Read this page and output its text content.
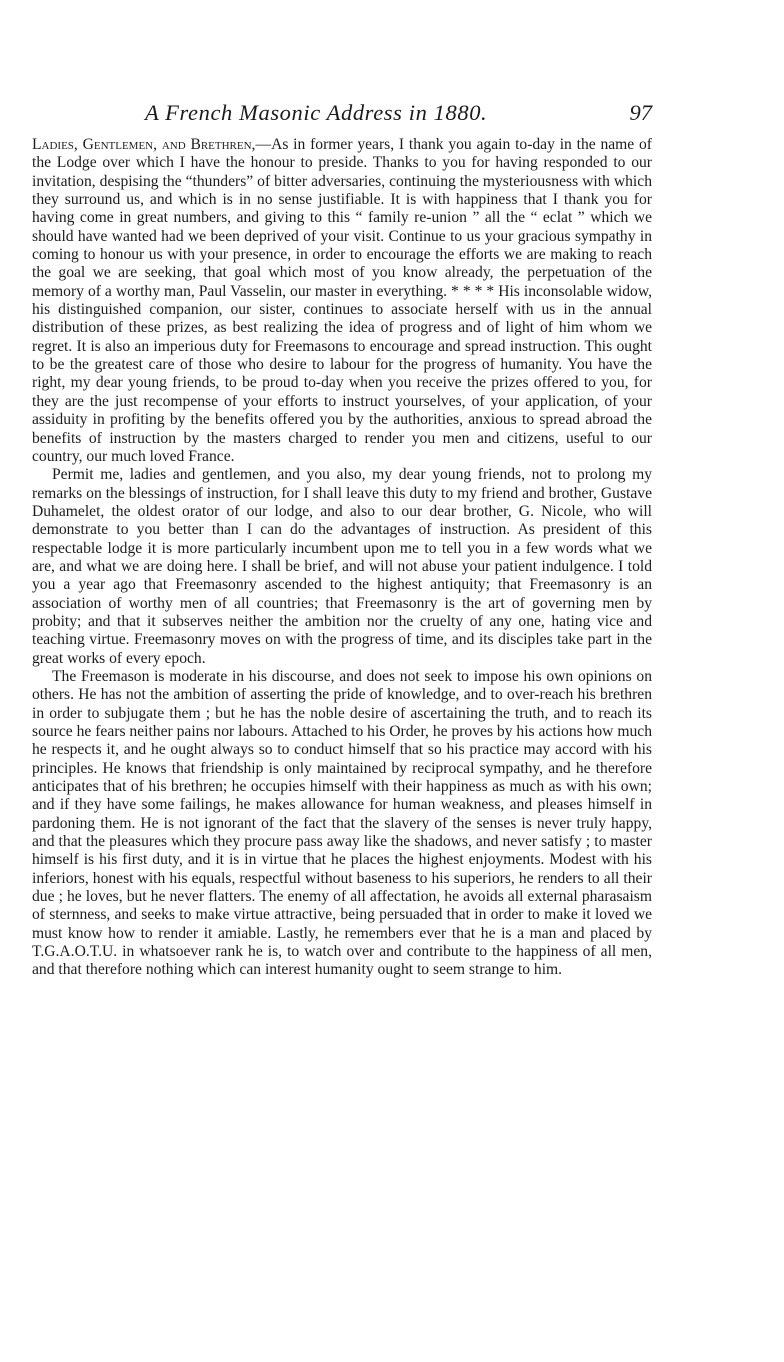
A French Masonic Address in 1880.	97

Ladies, Gentlemen, and Brethren,—As in former years, I thank you again to-day in the name of the Lodge over which I have the honour to preside. Thanks to you for having responded to our invitation, despising the “thunders” of bitter adversaries, continuing the mysteriousness with which they surround us, and which is in no sense justifiable. It is with happiness that I thank you for having come in great numbers, and giving to this “ family re-union ” all the “ eclat ” which we should have wanted had we been deprived of your visit. Continue to us your gracious sympathy in coming to honour us with your presence, in order to encourage the efforts we are making to reach the goal we are seeking, that goal which most of you know already, the perpetuation of the memory of a worthy man, Paul Vasselin, our master in everything. * * * * His inconsolable widow, his distinguished companion, our sister, continues to associate herself with us in the annual distribution of these prizes, as best realizing the idea of progress and of light of him whom we regret. It is also an imperious duty for Freemasons to encourage and spread instruction. This ought to be the greatest care of those who desire to labour for the progress of humanity. You have the right, my dear young friends, to be proud to-day when you receive the prizes offered to you, for they are the just recompense of your efforts to instruct yourselves, of your application, of your assiduity in profiting by the benefits offered you by the authorities, anxious to spread abroad the benefits of instruction by the masters charged to render you men and citizens, useful to our country, our much loved France.

Permit me, ladies and gentlemen, and you also, my dear young friends, not to prolong my remarks on the blessings of instruction, for I shall leave this duty to my friend and brother, Gustave Duhamelet, the oldest orator of our lodge, and also to our dear brother, G. Nicole, who will demonstrate to you better than I can do the advantages of instruction. As president of this respectable lodge it is more particularly incumbent upon me to tell you in a few words what we are, and what we are doing here. I shall be brief, and will not abuse your patient indulgence. I told you a year ago that Freemasonry ascended to the highest antiquity; that Freemasonry is an association of worthy men of all countries; that Freemasonry is the art of governing men by probity; and that it subserves neither the ambition nor the cruelty of any one, hating vice and teaching virtue. Freemasonry moves on with the progress of time, and its disciples take part in the great works of every epoch.

The Freemason is moderate in his discourse, and does not seek to impose his own opinions on others. He has not the ambition of asserting the pride of knowledge, and to over-reach his brethren in order to subjugate them ; but he has the noble desire of ascertaining the truth, and to reach its source he fears neither pains nor labours. Attached to his Order, he proves by his actions how much he respects it, and he ought always so to conduct himself that so his practice may accord with his principles. He knows that friendship is only maintained by reciprocal sympathy, and he therefore anticipates that of his brethren; he occupies himself with their happiness as much as with his own; and if they have some failings, he makes allowance for human weakness, and pleases himself in pardoning them. He is not ignorant of the fact that the slavery of the senses is never truly happy, and that the pleasures which they procure pass away like the shadows, and never satisfy ; to master himself is his first duty, and it is in virtue that he places the highest enjoyments. Modest with his inferiors, honest with his equals, respectful without baseness to his superiors, he renders to all their due ; he loves, but he never flatters. The enemy of all affectation, he avoids all external pharasaism of sternness, and seeks to make virtue attractive, being persuaded that in order to make it loved we must know how to render it amiable. Lastly, he remembers ever that he is a man and placed by T.G.A.O.T.U. in whatsoever rank he is, to watch over and contribute to the happiness of all men, and that therefore nothing which can interest humanity ought to seem strange to him.
